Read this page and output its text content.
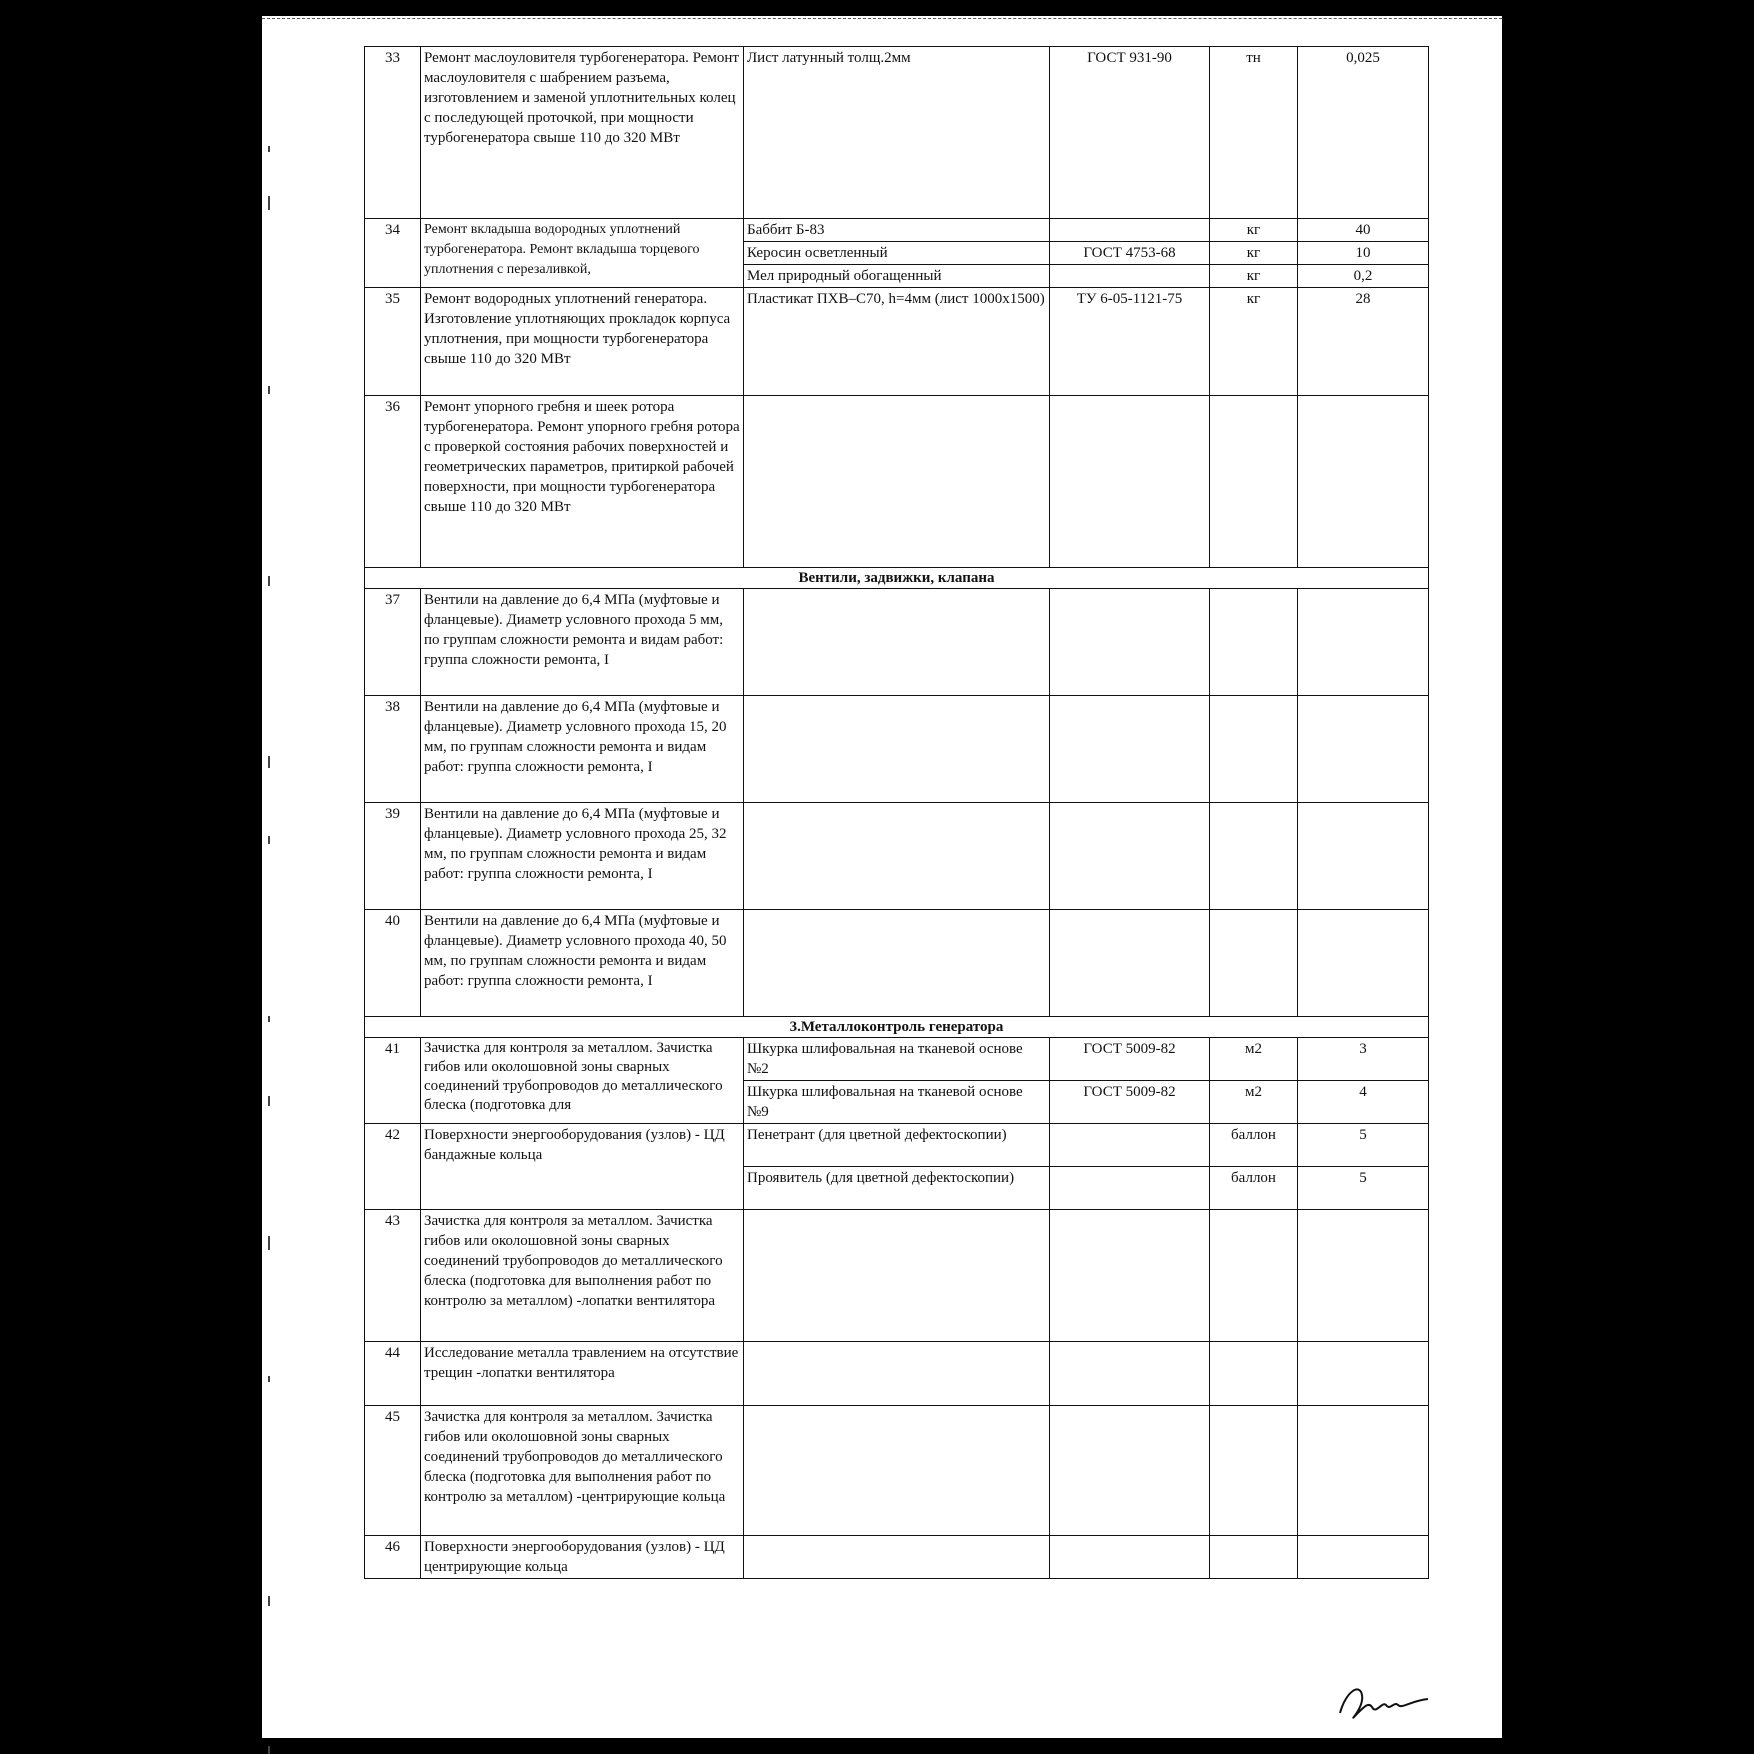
33	Ремонт маслоуловителя турбогенератора. Ремонт маслоуловителя с шабрением разъема, изготовлением и заменой уплотнительных колец с последующей проточкой, при мощности турбогенератора свыше 110 до 320 МВт	Лист латунный толщ.2мм	ГОСТ 931-90	тн	0,025
34	Ремонт вкладыша водородных уплотнений турбогенератора. Ремонт вкладыша торцевого уплотнения с перезаливкой,	Баббит Б-83		кг	40
		Керосин осветленный	ГОСТ 4753-68	кг	10
		Мел природный обогащенный		кг	0,2
35	Ремонт водородных уплотнений генератора. Изготовление уплотняющих прокладок корпуса уплотнения, при мощности турбогенератора свыше 110 до 320 МВт	Пластикат ПХВ–С70, h=4мм (лист 1000х1500)	ТУ 6-05-1121-75	кг	28
36	Ремонт упорного гребня и шеек ротора турбогенератора. Ремонт упорного гребня ротора с проверкой состояния рабочих поверхностей и геометрических параметров, притиркой рабочей поверхности, при мощности турбогенератора свыше 110 до 320 МВт				
Вентили, задвижки, клапана					
37	Вентили на давление до 6,4 МПа (муфтовые и фланцевые). Диаметр условного прохода 5 мм, по группам сложности ремонта и видам работ: группа сложности ремонта, I				
38	Вентили на давление до 6,4 МПа (муфтовые и фланцевые). Диаметр условного прохода 15, 20 мм, по группам сложности ремонта и видам работ: группа сложности ремонта, I				
39	Вентили на давление до 6,4 МПа (муфтовые и фланцевые). Диаметр условного прохода 25, 32 мм, по группам сложности ремонта и видам работ: группа сложности ремонта, I				
40	Вентили на давление до 6,4 МПа (муфтовые и фланцевые). Диаметр условного прохода 40, 50 мм, по группам сложности ремонта и видам работ: группа сложности ремонта, I				
3.Металлоконтроль генератора					
41	Зачистка для контроля за металлом. Зачистка гибов или околошовной зоны сварных соединений трубопроводов до металлического блеска (подготовка для	Шкурка шлифовальная на тканевой основе №2	ГОСТ 5009-82	м2	3
		Шкурка шлифовальная на тканевой основе №9	ГОСТ 5009-82	м2	4
42	Поверхности энергооборудования (узлов) - ЦД бандажные кольца	Пенетрант (для цветной дефектоскопии)		баллон	5
		Проявитель (для цветной дефектоскопии)		баллон	5
43	Зачистка для контроля за металлом. Зачистка гибов или околошовной зоны сварных соединений трубопроводов до металлического блеска (подготовка для выполнения работ по контролю за металлом) -лопатки вентилятора				
44	Исследование металла травлением на отсутствие трещин -лопатки вентилятора				
45	Зачистка для контроля за металлом. Зачистка гибов или околошовной зоны сварных соединений трубопроводов до металлического блеска (подготовка для выполнения работ по контролю за металлом) -центрирующие кольца				
46	Поверхности энергооборудования (узлов) - ЦД центрирующие кольца				
